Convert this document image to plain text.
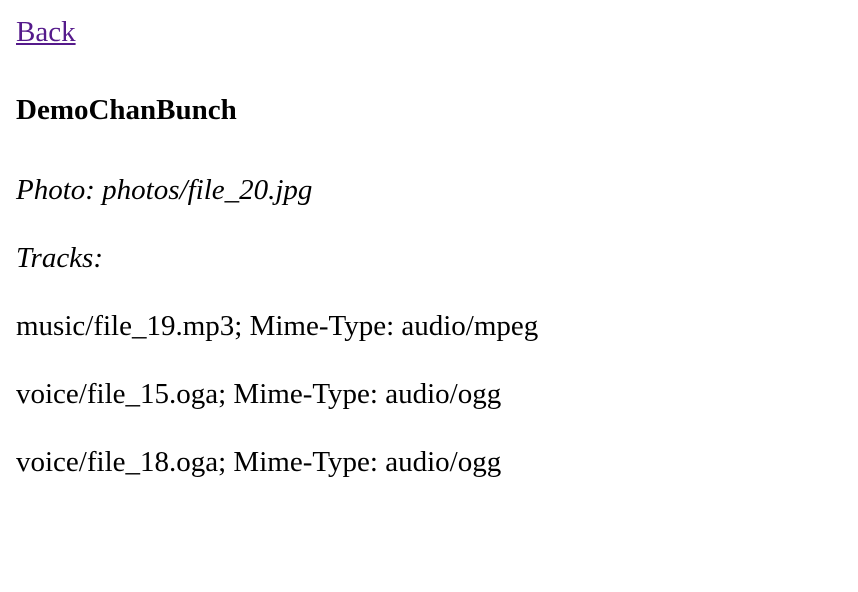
Back
DemoChanBunch

Photo: photos/file_20.jpg

Tracks:

music/file_19.mp3; Mime-Type: audio/mpeg

voice/file_15.oga; Mime-Type: audio/ogg

voice/file_18.oga; Mime-Type: audio/ogg
